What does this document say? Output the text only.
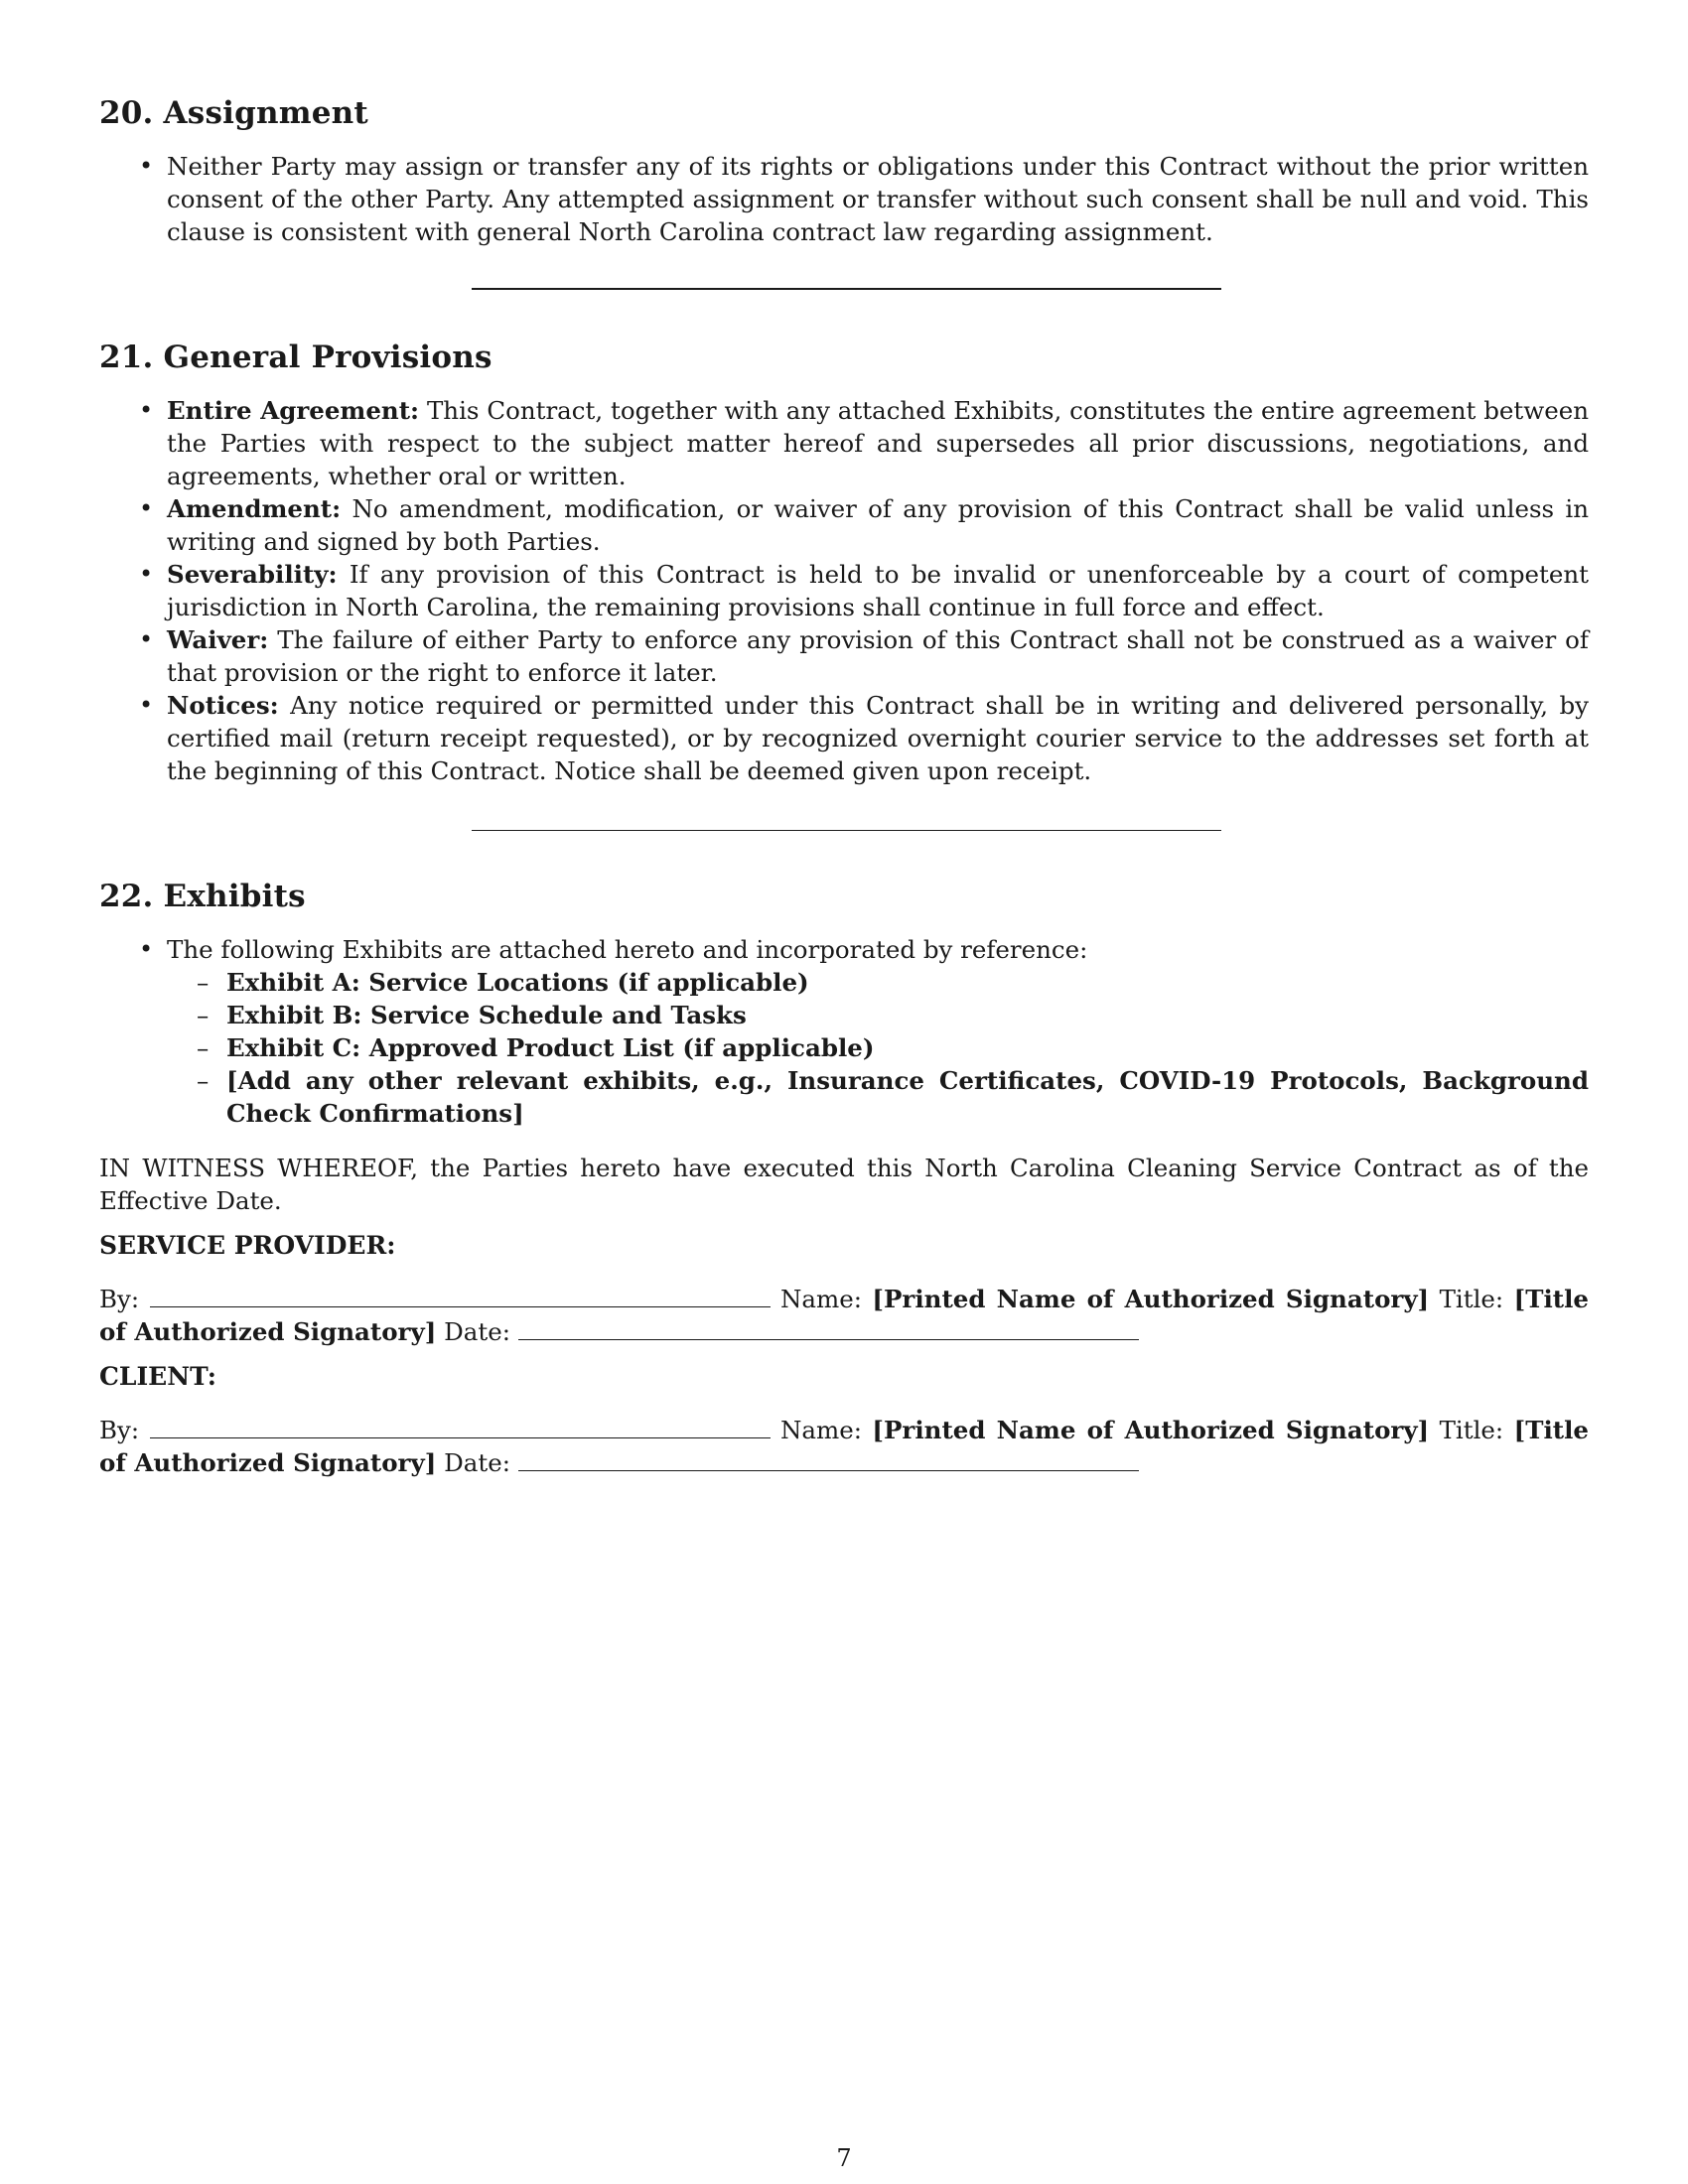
20. Assignment
• Neither Party may assign or transfer any of its rights or obligations under this Contract without the prior written consent of the other Party. Any attempted assignment or transfer without such consent shall be null and void. This clause is consistent with general North Carolina contract law regarding assignment.
21. General Provisions
• Entire Agreement: This Contract, together with any attached Exhibits, constitutes the entire agreement between the Parties with respect to the subject matter hereof and supersedes all prior discussions, negotiations, and agreements, whether oral or written.
• Amendment: No amendment, modification, or waiver of any provision of this Contract shall be valid unless in writing and signed by both Parties.
• Severability: If any provision of this Contract is held to be invalid or unenforceable by a court of competent jurisdiction in North Carolina, the remaining provisions shall continue in full force and effect.
• Waiver: The failure of either Party to enforce any provision of this Contract shall not be construed as a waiver of that provision or the right to enforce it later.
• Notices: Any notice required or permitted under this Contract shall be in writing and delivered personally, by certified mail (return receipt requested), or by recognized overnight courier service to the addresses set forth at the beginning of this Contract. Notice shall be deemed given upon receipt.
22. Exhibits
• The following Exhibits are attached hereto and incorporated by reference:
– Exhibit A: Service Locations (if applicable)
– Exhibit B: Service Schedule and Tasks
– Exhibit C: Approved Product List (if applicable)
– [Add any other relevant exhibits, e.g., Insurance Certificates, COVID-19 Protocols, Background Check Confirmations]
IN WITNESS WHEREOF, the Parties hereto have executed this North Carolina Cleaning Service Contract as of the Effective Date.
SERVICE PROVIDER:
By:	Name: [Printed Name of Authorized Signatory] Title: [Title of Authorized Signatory] Date:
CLIENT:
By:	Name: [Printed Name of Authorized Signatory] Title: [Title of Authorized Signatory] Date:
7
